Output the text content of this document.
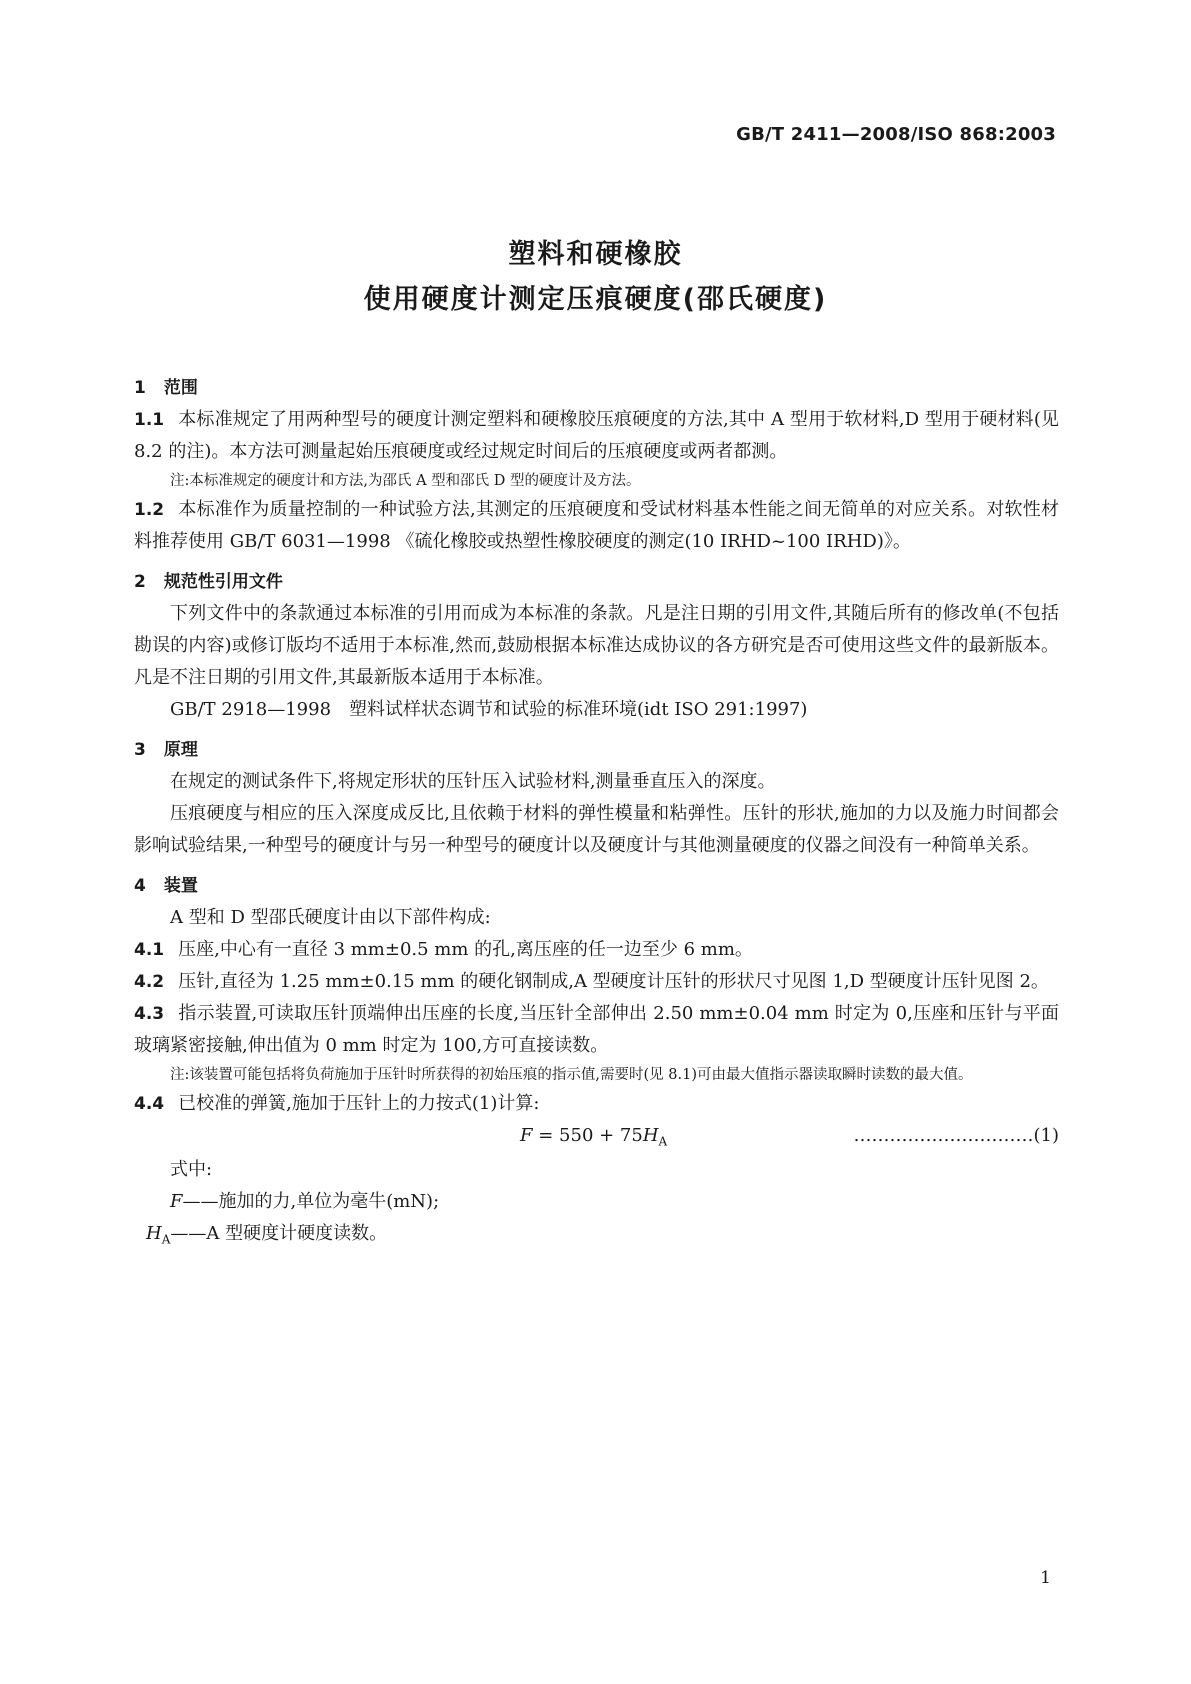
GB/T 2411—2008/ISO 868:2003
塑料和硬橡胶
使用硬度计测定压痕硬度(邵氏硬度)

1 范围

1.1 本标准规定了用两种型号的硬度计测定塑料和硬橡胶压痕硬度的方法,其中 A 型用于软材料,D 型用于硬材料(见 8.2 的注)。本方法可测量起始压痕硬度或经过规定时间后的压痕硬度或两者都测。

注:本标准规定的硬度计和方法,为邵氏 A 型和邵氏 D 型的硬度计及方法。

1.2 本标准作为质量控制的一种试验方法,其测定的压痕硬度和受试材料基本性能之间无简单的对应关系。对软性材料推荐使用 GB/T 6031—1998 《硫化橡胶或热塑性橡胶硬度的测定(10 IRHD~100 IRHD)》。

2 规范性引用文件

下列文件中的条款通过本标准的引用而成为本标准的条款。凡是注日期的引用文件,其随后所有的修改单(不包括勘误的内容)或修订版均不适用于本标准,然而,鼓励根据本标准达成协议的各方研究是否可使用这些文件的最新版本。凡是不注日期的引用文件,其最新版本适用于本标准。

GB/T 2918—1998　塑料试样状态调节和试验的标准环境(idt ISO 291:1997)

3 原理

在规定的测试条件下,将规定形状的压针压入试验材料,测量垂直压入的深度。

压痕硬度与相应的压入深度成反比,且依赖于材料的弹性模量和粘弹性。压针的形状,施加的力以及施力时间都会影响试验结果,一种型号的硬度计与另一种型号的硬度计以及硬度计与其他测量硬度的仪器之间没有一种简单关系。

4 装置

A 型和 D 型邵氏硬度计由以下部件构成:

4.1 压座,中心有一直径 3 mm±0.5 mm 的孔,离压座的任一边至少 6 mm。

4.2 压针,直径为 1.25 mm±0.15 mm 的硬化钢制成,A 型硬度计压针的形状尺寸见图 1,D 型硬度计压针见图 2。

4.3 指示装置,可读取压针顶端伸出压座的长度,当压针全部伸出 2.50 mm±0.04 mm 时定为 0,压座和压针与平面玻璃紧密接触,伸出值为 0 mm 时定为 100,方可直接读数。

注:该装置可能包括将负荷施加于压针时所获得的初始压痕的指示值,需要时(见 8.1)可由最大值指示器读取瞬时读数的最大值。

4.4 已校准的弹簧,施加于压针上的力按式(1)计算:

$F = 550 + 75H_A$	…………………………(1)

式中:

F——施加的力,单位为毫牛(mN);

$H_A——A$ 型硬度计硬度读数。

1
